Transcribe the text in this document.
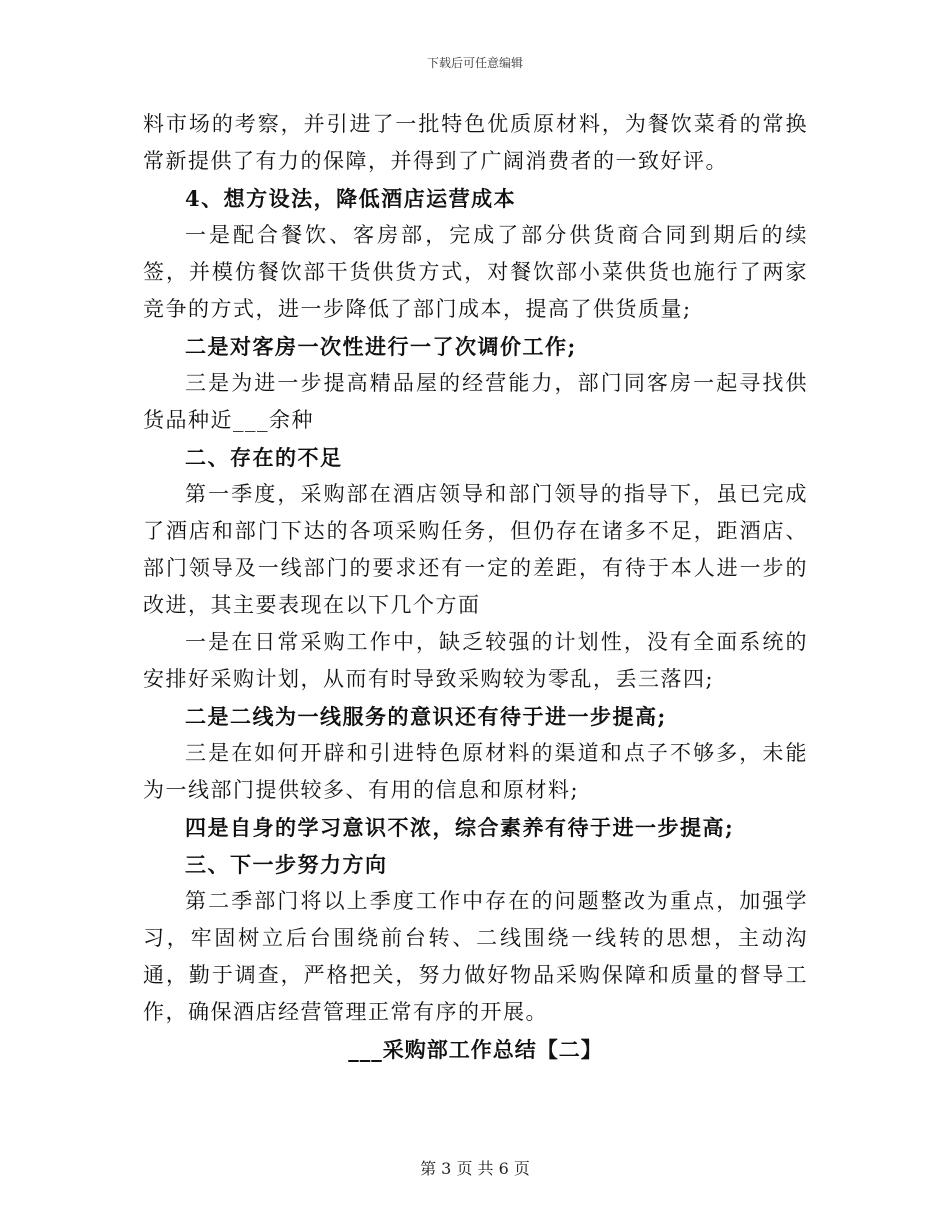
下载后可任意编辑

料市场的考察，并引进了一批特色优质原材料，为餐饮菜肴的常换常新提供了有力的保障，并得到了广阔消费者的一致好评。

4、想方设法，降低酒店运营成本

一是配合餐饮、客房部，完成了部分供货商合同到期后的续签，并模仿餐饮部干货供货方式，对餐饮部小菜供货也施行了两家竞争的方式，进一步降低了部门成本，提高了供货质量;

二是对客房一次性进行一了次调价工作;

三是为进一步提高精品屋的经营能力，部门同客房一起寻找供货品种近___余种

二、存在的不足

第一季度，采购部在酒店领导和部门领导的指导下，虽已完成了酒店和部门下达的各项采购任务，但仍存在诸多不足，距酒店、部门领导及一线部门的要求还有一定的差距，有待于本人进一步的改进，其主要表现在以下几个方面

一是在日常采购工作中，缺乏较强的计划性，没有全面系统的安排好采购计划，从而有时导致采购较为零乱，丢三落四;

二是二线为一线服务的意识还有待于进一步提高;

三是在如何开辟和引进特色原材料的渠道和点子不够多，未能为一线部门提供较多、有用的信息和原材料;

四是自身的学习意识不浓，综合素养有待于进一步提高;

三、下一步努力方向

第二季部门将以上季度工作中存在的问题整改为重点，加强学习，牢固树立后台围绕前台转、二线围绕一线转的思想，主动沟通，勤于调查，严格把关，努力做好物品采购保障和质量的督导工作，确保酒店经营管理正常有序的开展。

___采购部工作总结【二】

第 3 页 共 6 页
